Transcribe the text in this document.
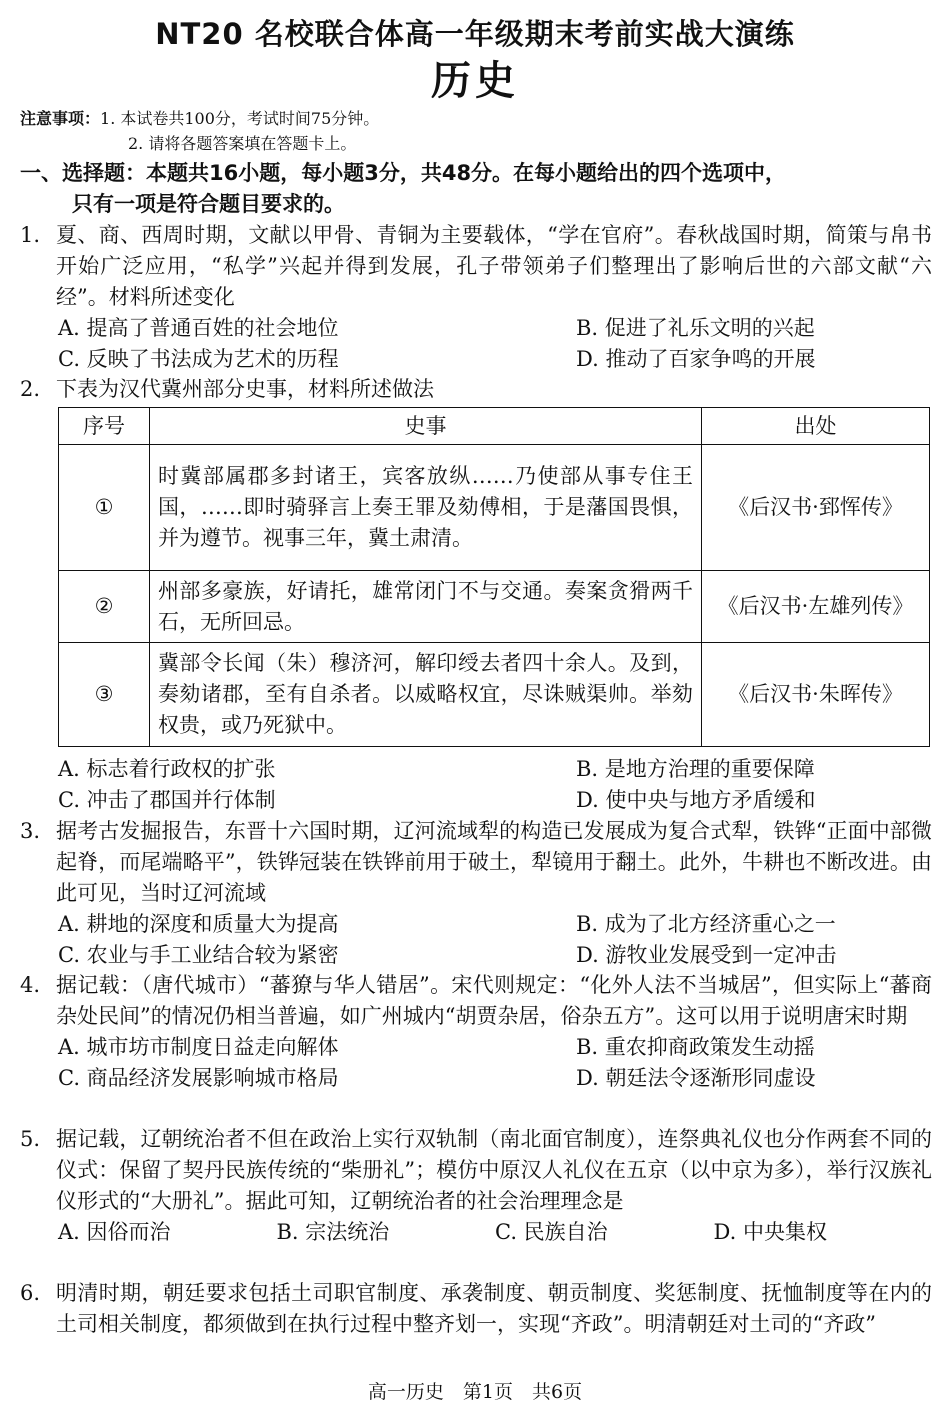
NT20 名校联合体高一年级期末考前实战大演练
历史
注意事项：1. 本试卷共100分，考试时间75分钟。
2. 请将各题答案填在答题卡上。
一、选择题：本题共16小题，每小题3分，共48分。在每小题给出的四个选项中，
只有一项是符合题目要求的。
1. 夏、商、西周时期，文献以甲骨、青铜为主要载体，“学在官府”。春秋战国时期，简策与帛书开始广泛应用，“私学”兴起并得到发展，孔子带领弟子们整理出了影响后世的六部文献“六经”。材料所述变化
A. 提高了普通百姓的社会地位	B. 促进了礼乐文明的兴起
C. 反映了书法成为艺术的历程	D. 推动了百家争鸣的开展
2. 下表为汉代冀州部分史事，材料所述做法
序号	史事	出处
①	时冀部属郡多封诸王，宾客放纵……乃使部从事专住王国，……即时骑驿言上奏王罪及劾傅相，于是藩国畏惧，并为遵节。视事三年，冀土肃清。	《后汉书·郅恽传》
②	州部多豪族，好请托，雄常闭门不与交通。奏案贪猾两千石，无所回忌。	《后汉书·左雄列传》
③	冀部令长闻（朱）穆济河，解印绶去者四十余人。及到，奏劾诸郡，至有自杀者。以威略权宜，尽诛贼渠帅。举劾权贵，或乃死狱中。	《后汉书·朱晖传》
A. 标志着行政权的扩张	B. 是地方治理的重要保障
C. 冲击了郡国并行体制	D. 使中央与地方矛盾缓和
3. 据考古发掘报告，东晋十六国时期，辽河流域犁的构造已发展成为复合式犁，铁铧“正面中部微起脊，而尾端略平”，铁铧冠装在铁铧前用于破土，犁镜用于翻土。此外，牛耕也不断改进。由此可见，当时辽河流域
A. 耕地的深度和质量大为提高	B. 成为了北方经济重心之一
C. 农业与手工业结合较为紧密	D. 游牧业发展受到一定冲击
4. 据记载：（唐代城市）“蕃獠与华人错居”。宋代则规定：“化外人法不当城居”，但实际上“蕃商杂处民间”的情况仍相当普遍，如广州城内“胡贾杂居，俗杂五方”。这可以用于说明唐宋时期
A. 城市坊市制度日益走向解体	B. 重农抑商政策发生动摇
C. 商品经济发展影响城市格局	D. 朝廷法令逐渐形同虚设
5. 据记载，辽朝统治者不但在政治上实行双轨制（南北面官制度），连祭典礼仪也分作两套不同的仪式：保留了契丹民族传统的“柴册礼”；模仿中原汉人礼仪在五京（以中京为多），举行汉族礼仪形式的“大册礼”。据此可知，辽朝统治者的社会治理理念是
A. 因俗而治	B. 宗法统治	C. 民族自治	D. 中央集权
6. 明清时期，朝廷要求包括土司职官制度、承袭制度、朝贡制度、奖惩制度、抚恤制度等在内的土司相关制度，都须做到在执行过程中整齐划一，实现“齐政”。明清朝廷对土司的“齐政”
高一历史　第1页　共6页
